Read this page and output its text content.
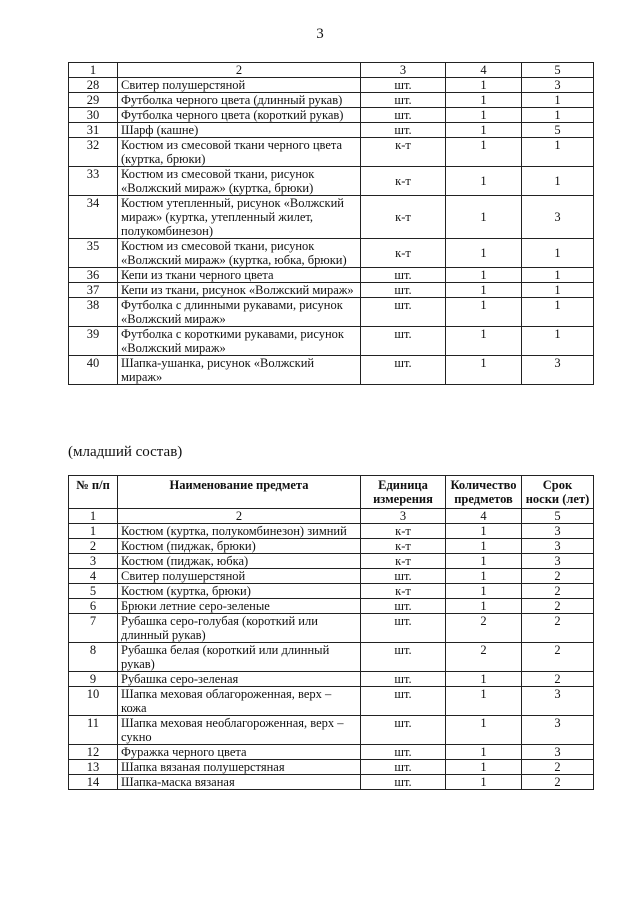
3
1	2	3	4	5
28	Свитер полушерстяной	шт.	1	3
29	Футболка черного цвета (длинный рукав)	шт.	1	1
30	Футболка черного цвета (короткий рукав)	шт.	1	1
31	Шарф (кашне)	шт.	1	5
32	Костюм из смесовой ткани черного цвета (куртка, брюки)	к-т	1	1
33	Костюм из смесовой ткани, рисунок «Волжский мираж» (куртка, брюки)	к-т	1	1
34	Костюм утепленный, рисунок «Волжский мираж» (куртка, утепленный жилет, полукомбинезон)	к-т	1	3
35	Костюм из смесовой ткани, рисунок «Волжский мираж» (куртка, юбка, брюки)	к-т	1	1
36	Кепи из ткани черного цвета	шт.	1	1
37	Кепи из ткани, рисунок «Волжский мираж»	шт.	1	1
38	Футболка с длинными рукавами, рисунок «Волжский мираж»	шт.	1	1
39	Футболка с короткими рукавами, рисунок «Волжский мираж»	шт.	1	1
40	Шапка-ушанка, рисунок «Волжский мираж»	шт.	1	3
(младший состав)
№ п/п	Наименование предмета	Единица измерения	Количество предметов	Срок носки (лет)
1	2	3	4	5
1	Костюм (куртка, полукомбинезон) зимний	к-т	1	3
2	Костюм (пиджак, брюки)	к-т	1	3
3	Костюм (пиджак, юбка)	к-т	1	3
4	Свитер полушерстяной	шт.	1	2
5	Костюм (куртка, брюки)	к-т	1	2
6	Брюки летние серо-зеленые	шт.	1	2
7	Рубашка серо-голубая (короткий или длинный рукав)	шт.	2	2
8	Рубашка белая (короткий или длинный рукав)	шт.	2	2
9	Рубашка серо-зеленая	шт.	1	2
10	Шапка меховая облагороженная, верх – кожа	шт.	1	3
11	Шапка меховая необлагороженная, верх – сукно	шт.	1	3
12	Фуражка черного цвета	шт.	1	3
13	Шапка вязаная полушерстяная	шт.	1	2
14	Шапка-маска вязаная	шт.	1	2
